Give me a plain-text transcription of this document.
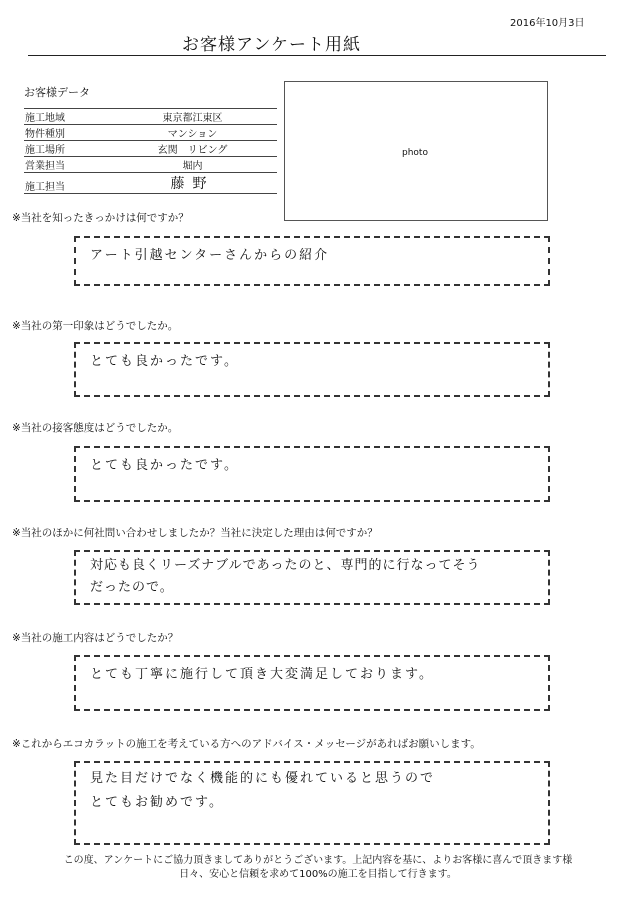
2016年10月3日
お客様アンケート用紙
お客様データ
施工地域	東京都江東区
物件種別	マンション
施工場所	玄関　リビング
営業担当	堀内
施工担当	藤野
photo
※当社を知ったきっかけは何ですか？
アート引越センターさんからの紹介
※当社の第一印象はどうでしたか。
とても良かったです。
※当社の接客態度はどうでしたか。
とても良かったです。
※当社のほかに何社問い合わせしましたか？当社に決定した理由は何ですか？
対応も良くリーズナブルであったのと、専門的に行なってそう
だったので。
※当社の施工内容はどうでしたか？
とても丁寧に施行して頂き大変満足しております。
※これからエコカラットの施工を考えている方へのアドバイス・メッセージがあればお願いします。
見た目だけでなく機能的にも優れていると思うので
とてもお勧めです。
この度、アンケートにご協力頂きましてありがとうございます。上記内容を基に、よりお客様に喜んで頂きます様
日々、安心と信頼を求めて100%の施工を目指して行きます。
